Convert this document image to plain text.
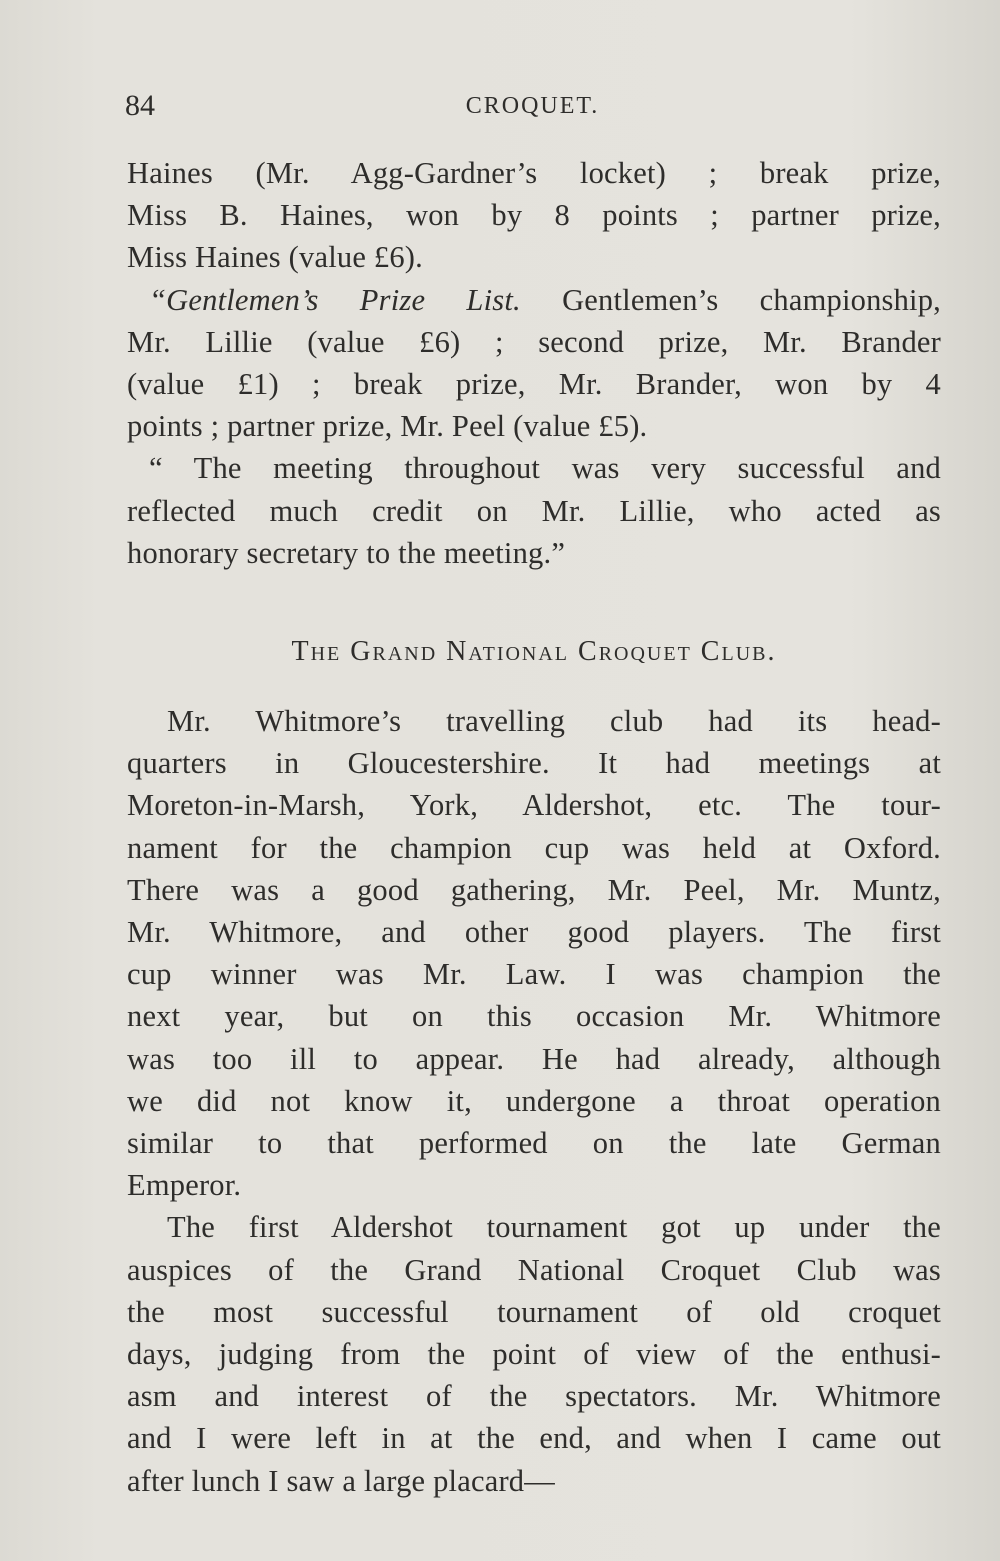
84	CROQUET.

Haines (Mr. Agg-Gardner’s locket) ; break prize,
Miss B. Haines, won by 8 points ; partner prize,
Miss Haines (value £6).

“Gentlemen’s Prize List. Gentlemen’s championship,
Mr. Lillie (value £6) ; second prize, Mr. Brander
(value £1) ; break prize, Mr. Brander, won by 4
points ; partner prize, Mr. Peel (value £5).

“ The meeting throughout was very successful and
reflected much credit on Mr. Lillie, who acted as
honorary secretary to the meeting.”

The Grand National Croquet Club.

Mr. Whitmore’s travelling club had its head-
quarters in Gloucestershire. It had meetings at
Moreton-in-Marsh, York, Aldershot, etc. The tour-
nament for the champion cup was held at Oxford.
There was a good gathering, Mr. Peel, Mr. Muntz,
Mr. Whitmore, and other good players. The first
cup winner was Mr. Law. I was champion the
next year, but on this occasion Mr. Whitmore
was too ill to appear. He had already, although
we did not know it, undergone a throat operation
similar to that performed on the late German
Emperor.

The first Aldershot tournament got up under the
auspices of the Grand National Croquet Club was
the most successful tournament of old croquet
days, judging from the point of view of the enthusi-
asm and interest of the spectators. Mr. Whitmore
and I were left in at the end, and when I came out
after lunch I saw a large placard—
